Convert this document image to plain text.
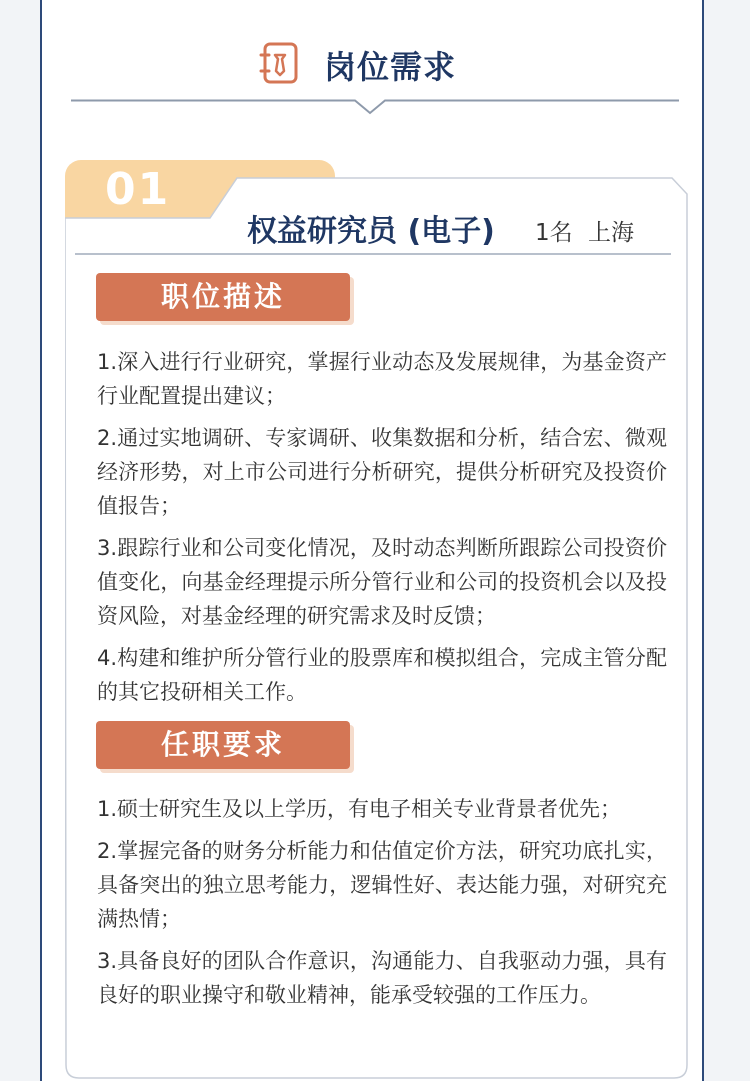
岗位需求
01
权益研究员 (电子) 1名 上海
职位描述
1.深入进行行业研究，掌握行业动态及发展规律，为基金资产行业配置提出建议；
2.通过实地调研、专家调研、收集数据和分析，结合宏、微观经济形势，对上市公司进行分析研究，提供分析研究及投资价值报告；
3.跟踪行业和公司变化情况，及时动态判断所跟踪公司投资价值变化，向基金经理提示所分管行业和公司的投资机会以及投资风险，对基金经理的研究需求及时反馈；
4.构建和维护所分管行业的股票库和模拟组合，完成主管分配的其它投研相关工作。
任职要求
1.硕士研究生及以上学历，有电子相关专业背景者优先；
2.掌握完备的财务分析能力和估值定价方法，研究功底扎实，具备突出的独立思考能力，逻辑性好、表达能力强，对研究充满热情；
3.具备良好的团队合作意识，沟通能力、自我驱动力强，具有良好的职业操守和敬业精神，能承受较强的工作压力。
